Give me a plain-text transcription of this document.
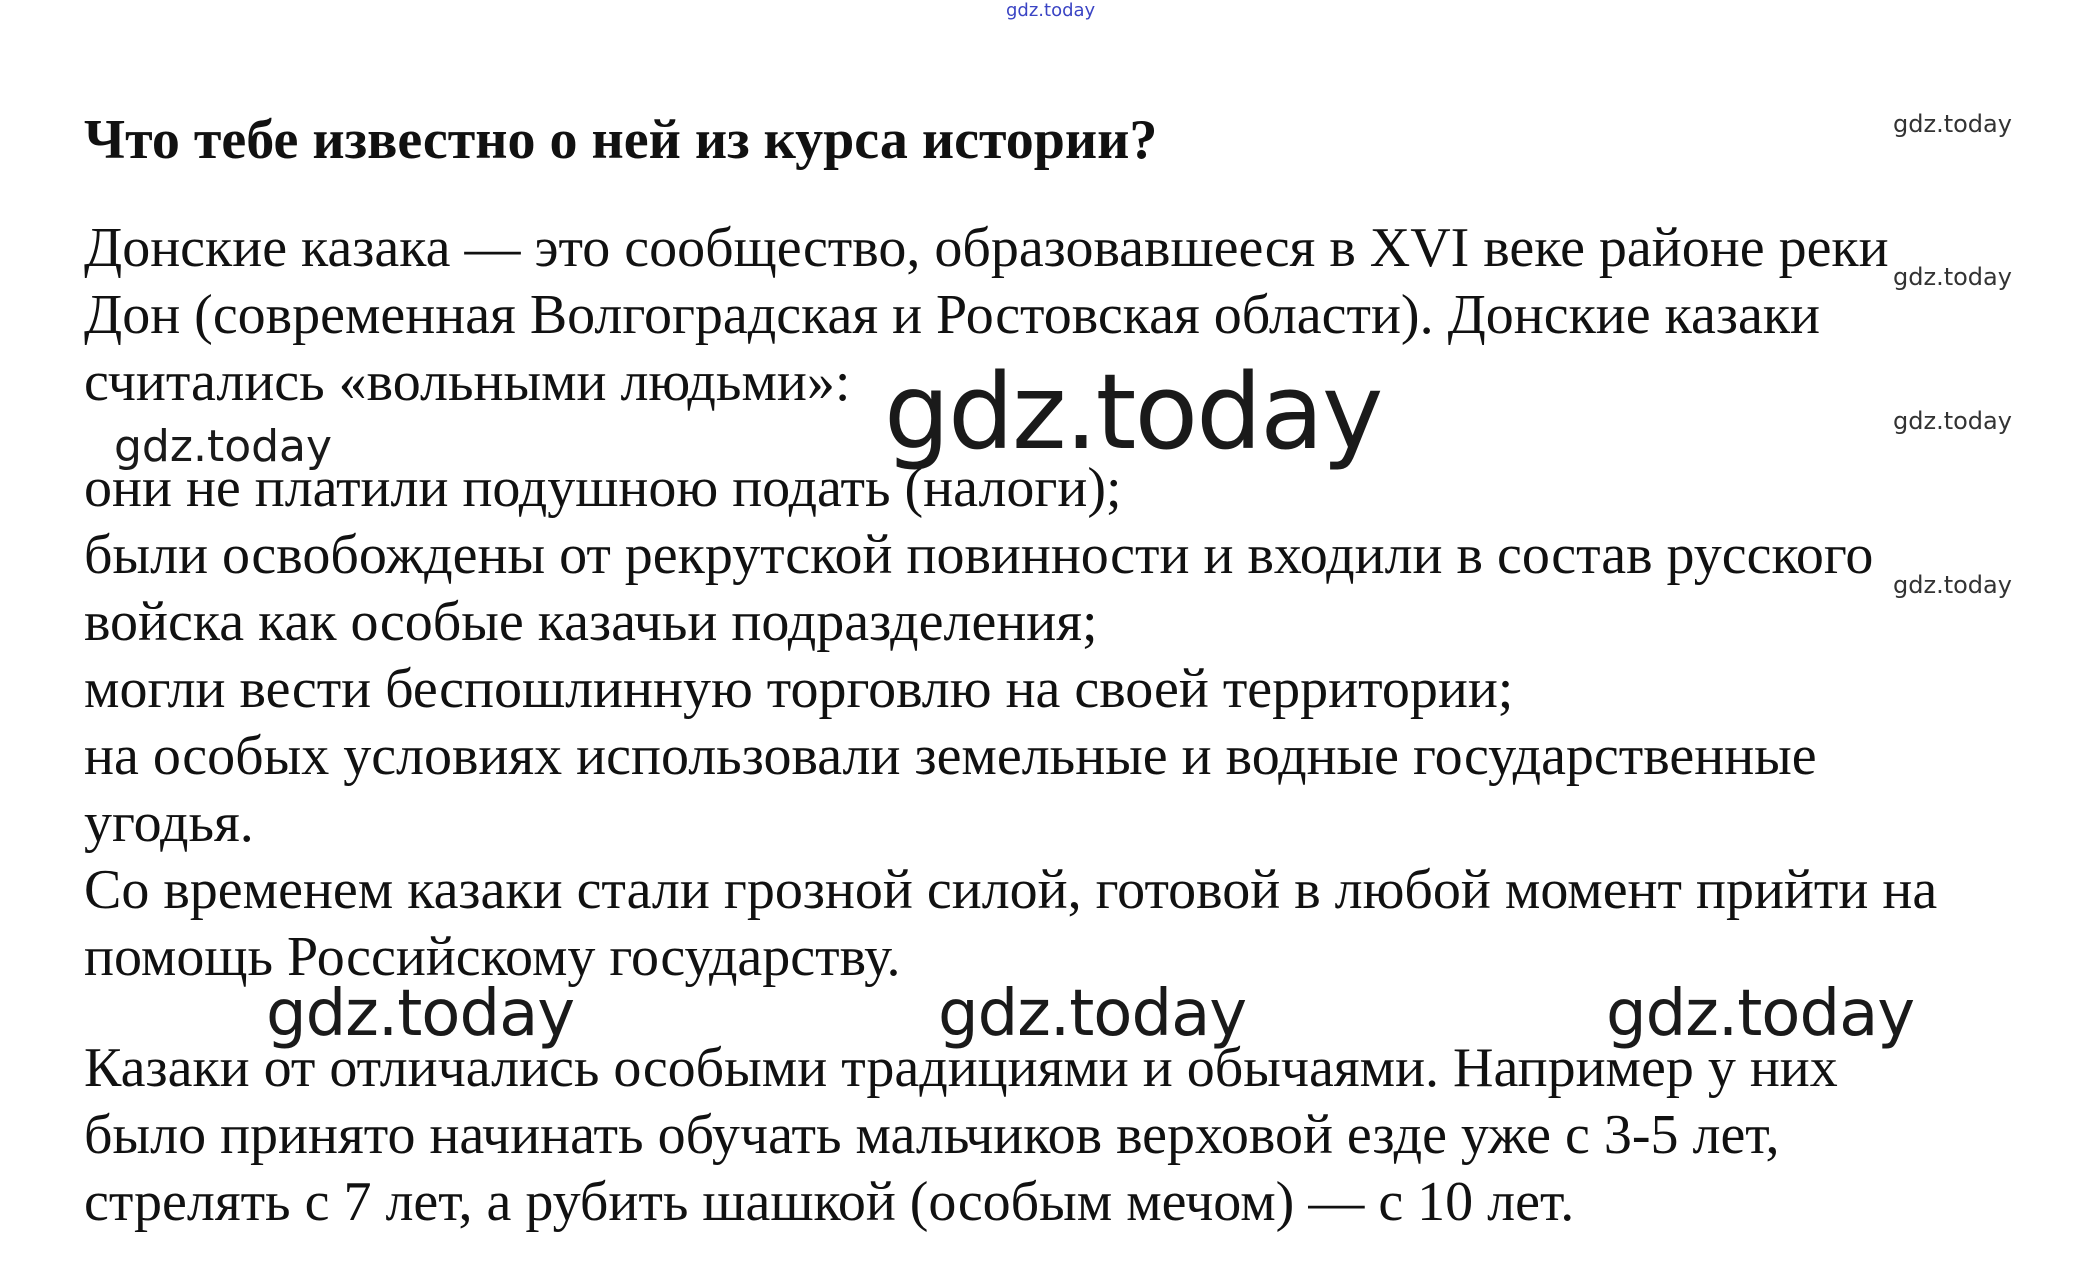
gdz.today
Что тебе известно о ней из курса истории?
Донские казака — это сообщество, образовавшееся в XVI веке районе реки
Дон (современная Волгоградская и Ростовская области). Донские казаки
считались «вольными людьми»:
они не платили подушною подать (налоги);
были освобождены от рекрутской повинности и входили в состав русского
войска как особые казачьи подразделения;
могли вести беспошлинную торговлю на своей территории;
на особых условиях использовали земельные и водные государственные
угодья.
Со временем казаки стали грозной силой, готовой в любой момент прийти на
помощь Российскому государству.
Казаки от отличались особыми традициями и обычаями. Например у них
было принято начинать обучать мальчиков верховой езде уже с 3-5 лет,
стрелять с 7 лет, а рубить шашкой (особым мечом) — с 10 лет.
gdz.today
gdz.today
gdz.today
gdz.today
gdz.today
gdz.today
gdz.today	gdz.today	gdz.today
